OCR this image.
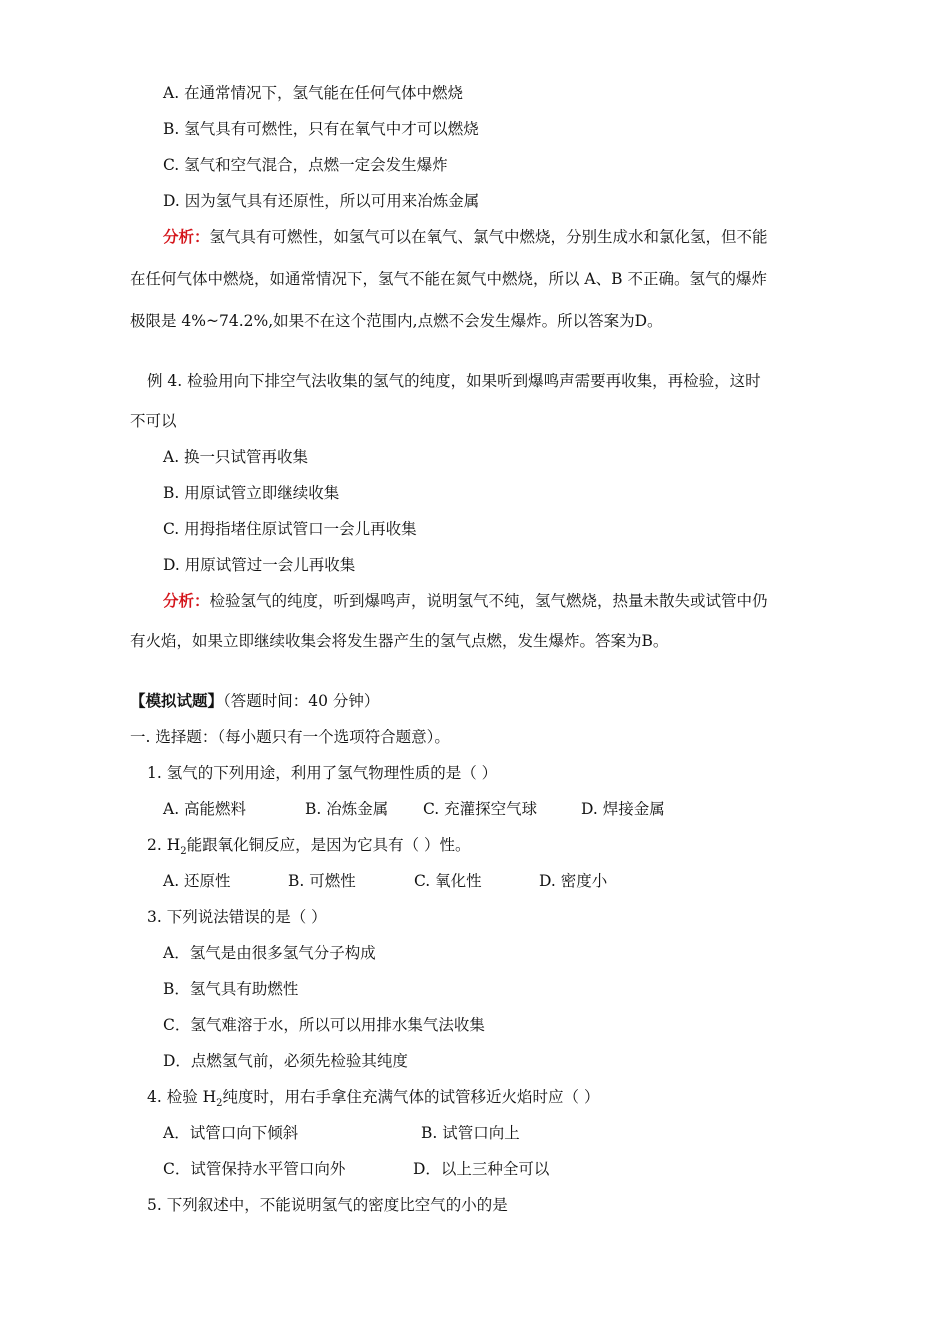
A. 在通常情况下，氢气能在任何气体中燃烧
B. 氢气具有可燃性，只有在氧气中才可以燃烧
C. 氢气和空气混合，点燃一定会发生爆炸
D. 因为氢气具有还原性，所以可用来冶炼金属
分析：氢气具有可燃性，如氢气可以在氧气、氯气中燃烧，分别生成水和氯化氢，但不能
在任何气体中燃烧，如通常情况下，氢气不能在氮气中燃烧，所以 A、B 不正确。氢气的爆炸
极限是 4%~74.2%,如果不在这个范围内,点燃不会发生爆炸。所以答案为D。
例 4. 检验用向下排空气法收集的氢气的纯度，如果听到爆鸣声需要再收集，再检验，这时
不可以
A. 换一只试管再收集
B. 用原试管立即继续收集
C. 用拇指堵住原试管口一会儿再收集
D. 用原试管过一会儿再收集
分析：检验氢气的纯度，听到爆鸣声，说明氢气不纯，氢气燃烧，热量未散失或试管中仍
有火焰，如果立即继续收集会将发生器产生的氢气点燃，发生爆炸。答案为B。
【模拟试题】（答题时间：40 分钟）
一. 选择题：（每小题只有一个选项符合题意）。
1. 氢气的下列用途，利用了氢气物理性质的是（ ）
A. 高能燃料	B. 冶炼金属 C. 充灌探空气球	D. 焊接金属
2. $H_2$能跟氧化铜反应，是因为它具有（ ）性。
A. 还原性	B. 可燃性	C. 氧化性	D. 密度小
3. 下列说法错误的是（ ）
A．氢气是由很多氢气分子构成
B．氢气具有助燃性
C．氢气难溶于水，所以可以用排水集气法收集
D．点燃氢气前，必须先检验其纯度
4. 检验 $H_2$纯度时，用右手拿住充满气体的试管移近火焰时应（ ）
A．试管口向下倾斜	B. 试管口向上
C．试管保持水平管口向外	D．以上三种全可以
5. 下列叙述中，不能说明氢气的密度比空气的小的是
